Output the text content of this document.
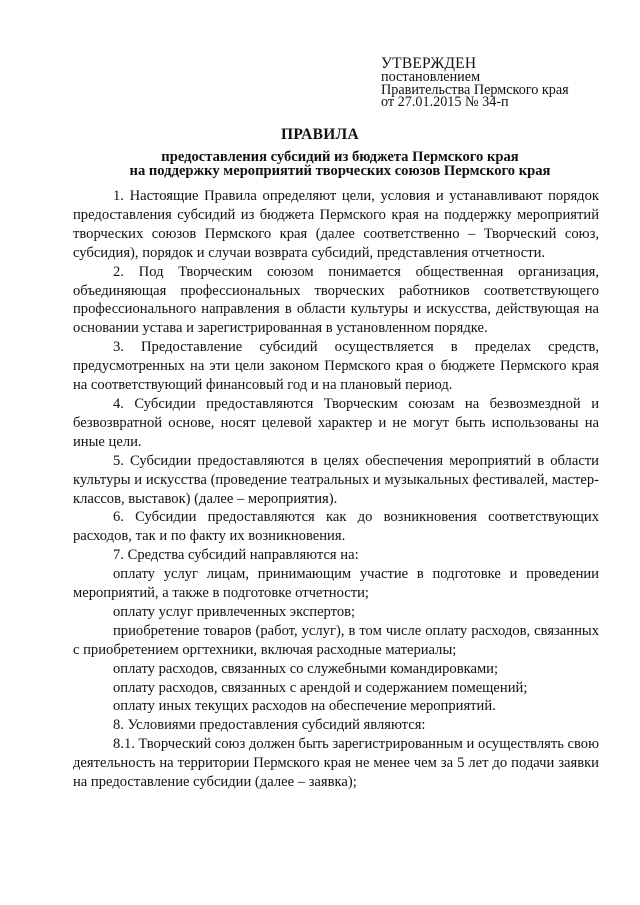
УТВЕРЖДЕН
постановлением
Правительства Пермского края
от 27.01.2015 № 34-п
ПРАВИЛА
предоставления субсидий из бюджета Пермского края
на поддержку мероприятий творческих союзов Пермского края

1. Настоящие Правила определяют цели, условия и устанавливают порядок предоставления субсидий из бюджета Пермского края на поддержку мероприятий творческих союзов Пермского края (далее соответственно – Творческий союз, субсидия), порядок и случаи возврата субсидий, представления отчетности.

2. Под Творческим союзом понимается общественная организация, объединяющая профессиональных творческих работников соответствующего профессионального направления в области культуры и искусства, действующая на основании устава и зарегистрированная в установленном порядке.

3. Предоставление субсидий осуществляется в пределах средств, предусмотренных на эти цели законом Пермского края о бюджете Пермского края на соответствующий финансовый год и на плановый период.

4. Субсидии предоставляются Творческим союзам на безвозмездной и безвозвратной основе, носят целевой характер и не могут быть использованы на иные цели.

5. Субсидии предоставляются в целях обеспечения мероприятий в области культуры и искусства (проведение театральных и музыкальных фестивалей, мастер-классов, выставок) (далее – мероприятия).

6. Субсидии предоставляются как до возникновения соответствующих расходов, так и по факту их возникновения.

7. Средства субсидий направляются на:

оплату услуг лицам, принимающим участие в подготовке и проведении мероприятий, а также в подготовке отчетности;

оплату услуг привлеченных экспертов;

приобретение товаров (работ, услуг), в том числе оплату расходов, связанных с приобретением оргтехники, включая расходные материалы;

оплату расходов, связанных со служебными командировками;

оплату расходов, связанных с арендой и содержанием помещений;

оплату иных текущих расходов на обеспечение мероприятий.

8. Условиями предоставления субсидий являются:

8.1. Творческий союз должен быть зарегистрированным и осуществлять свою деятельность на территории Пермского края не менее чем за 5 лет до подачи заявки на предоставление субсидии (далее – заявка);
